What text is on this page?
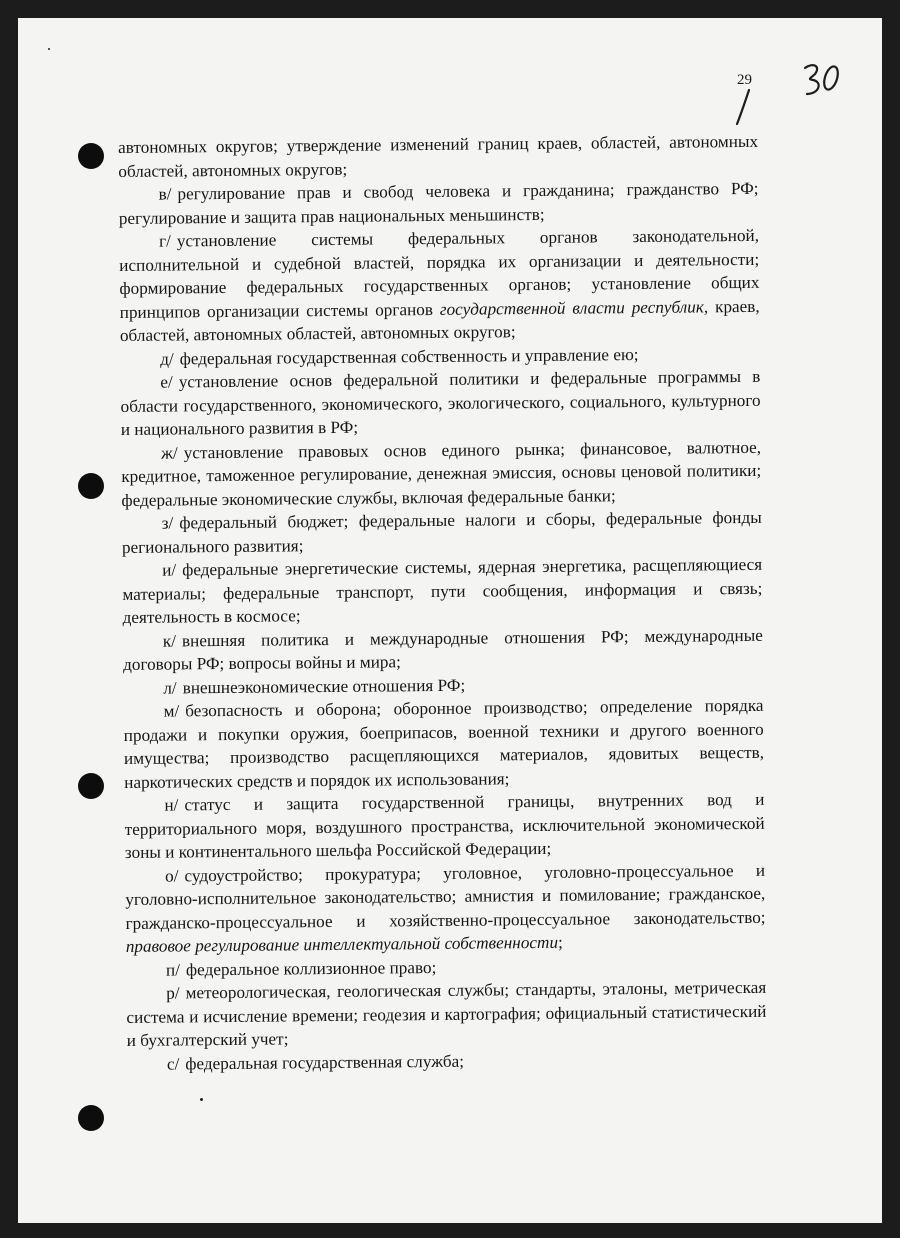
29

автономных округов; утверждение изменений границ краев, областей, автономных областей, автономных округов;

в/ регулирование прав и свобод человека и гражданина; гражданство РФ; регулирование и защита прав национальных меньшинств;

г/ установление системы федеральных органов законодательной, исполнительной и судебной властей, порядка их организации и деятельности; формирование федеральных государственных органов; установление общих принципов организации системы органов государственной власти республик, краев, областей, автономных областей, автономных округов;

д/ федеральная государственная собственность и управление ею;

е/ установление основ федеральной политики и федеральные программы в области государственного, экономического, экологического, социального, культурного и национального развития в РФ;

ж/ установление правовых основ единого рынка; финансовое, валютное, кредитное, таможенное регулирование, денежная эмиссия, основы ценовой политики; федеральные экономические службы, включая федеральные банки;

з/ федеральный бюджет; федеральные налоги и сборы, федеральные фонды регионального развития;

и/ федеральные энергетические системы, ядерная энергетика, расщепляющиеся материалы; федеральные транспорт, пути сообщения, информация и связь; деятельность в космосе;

к/ внешняя политика и международные отношения РФ; международные договоры РФ; вопросы войны и мира;

л/ внешнеэкономические отношения РФ;

м/ безопасность и оборона; оборонное производство; определение порядка продажи и покупки оружия, боеприпасов, военной техники и другого военного имущества; производство расщепляющихся материалов, ядовитых веществ, наркотических средств и порядок их использования;

н/ статус и защита государственной границы, внутренних вод и территориального моря, воздушного пространства, исключительной экономической зоны и континентального шельфа Российской Федерации;

о/ судоустройство; прокуратура; уголовное, уголовно-процессуальное и уголовно-исполнительное законодательство; амнистия и помилование; гражданское, гражданско-процессуальное и хозяйственно-процессуальное законодательство; правовое регулирование интеллектуальной собственности;

п/ федеральное коллизионное право;

р/ метеорологическая, геологическая службы; стандарты, эталоны, метрическая система и исчисление времени; геодезия и картография; официальный статистический и бухгалтерский учет;

с/ федеральная государственная служба;
